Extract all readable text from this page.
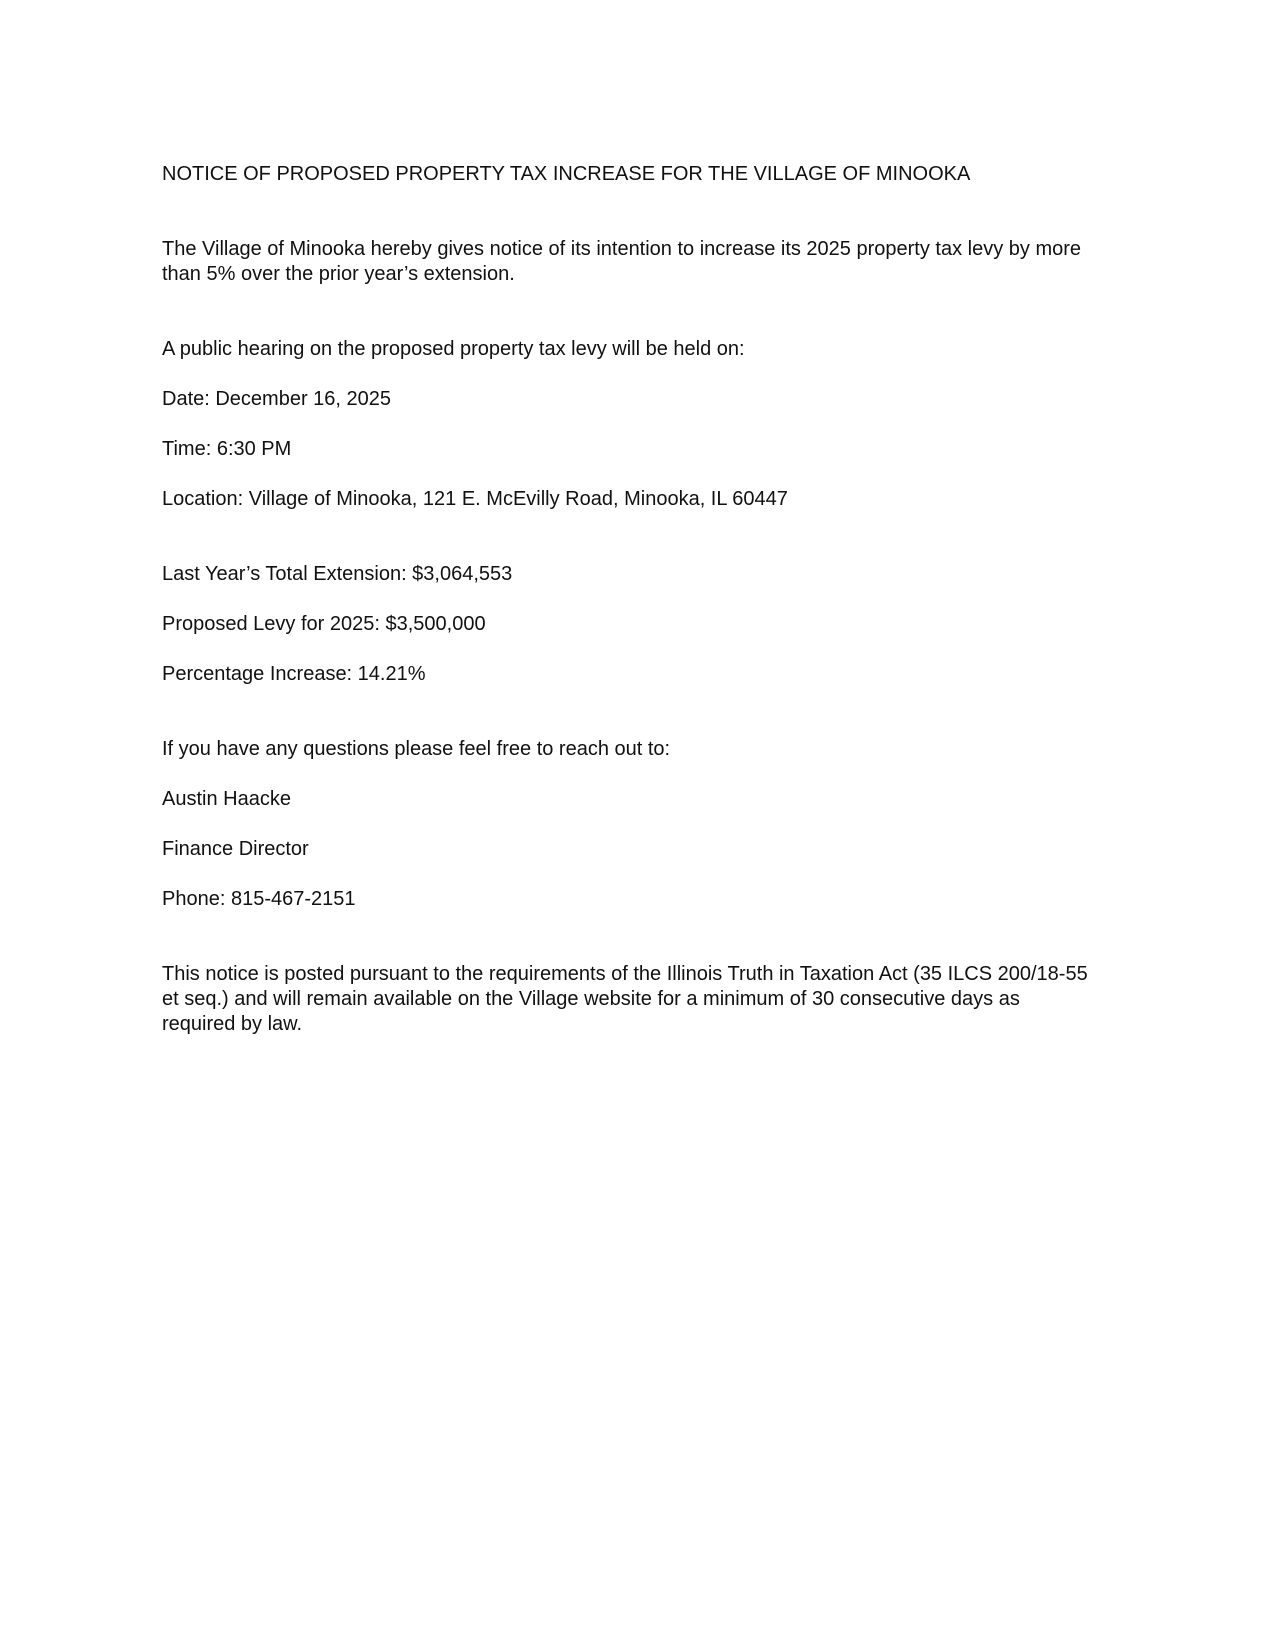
NOTICE OF PROPOSED PROPERTY TAX INCREASE FOR THE VILLAGE OF MINOOKA

The Village of Minooka hereby gives notice of its intention to increase its 2025 property tax levy by more than 5% over the prior year’s extension.

A public hearing on the proposed property tax levy will be held on:

Date: December 16, 2025

Time: 6:30 PM

Location: Village of Minooka, 121 E. McEvilly Road, Minooka, IL 60447

Last Year’s Total Extension: $3,064,553

Proposed Levy for 2025: $3,500,000

Percentage Increase: 14.21%

If you have any questions please feel free to reach out to:

Austin Haacke

Finance Director

Phone: 815-467-2151

This notice is posted pursuant to the requirements of the Illinois Truth in Taxation Act (35 ILCS 200/18-55 et seq.) and will remain available on the Village website for a minimum of 30 consecutive days as required by law.
